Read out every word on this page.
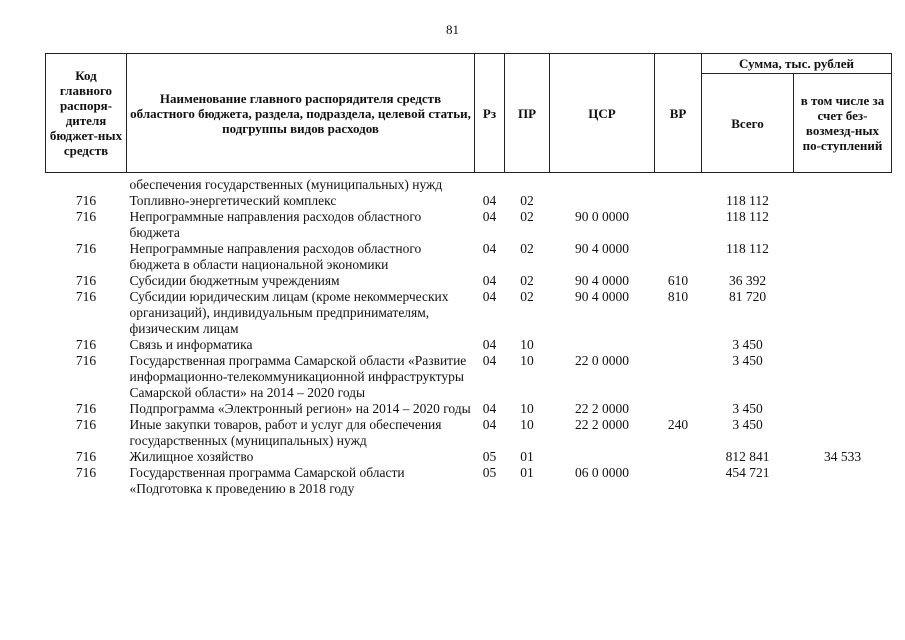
81
Код главного распоря-дителя бюджет-ных средств	Наименование главного распорядителя средств областного бюджета, раздела, подраздела, целевой статьи, подгруппы видов расходов	Рз	ПР	ЦСР	ВР	Сумма, тыс. рублей	
						Всего	в том числе за счет без-возмезд-ных по-ступлений
	обеспечения государственных (муниципальных) нужд						
716	Топливно-энергетический комплекс	04	02			118 112	
716	Непрограммные направления расходов областного бюджета	04	02	90 0 0000		118 112	
716	Непрограммные направления расходов областного бюджета в области национальной экономики	04	02	90 4 0000		118 112	
716	Субсидии бюджетным учреждениям	04	02	90 4 0000	610	36 392	
716	Субсидии юридическим лицам (кроме некоммерческих организаций), индивидуальным предпринимателям, физическим лицам	04	02	90 4 0000	810	81 720	
716	Связь и информатика	04	10			3 450	
716	Государственная программа Самарской области «Развитие информационно-телекоммуникационной инфраструктуры Самарской области» на 2014 – 2020 годы	04	10	22 0 0000		3 450	
716	Подпрограмма «Электронный регион» на 2014 – 2020 годы	04	10	22 2 0000		3 450	
716	Иные закупки товаров, работ и услуг для обеспечения государственных (муниципальных) нужд	04	10	22 2 0000	240	3 450	
716	Жилищное хозяйство	05	01			812 841	34 533
716	Государственная программа Самарской области «Подготовка к проведению в 2018 году	05	01	06 0 0000		454 721	
